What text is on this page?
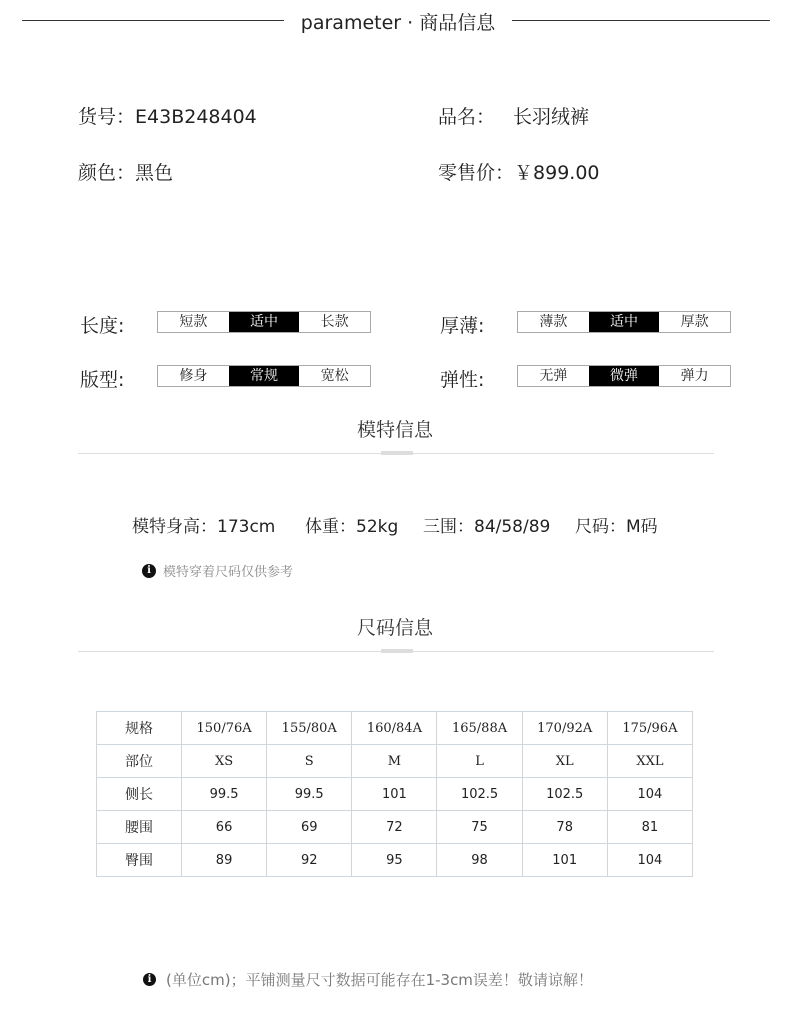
parameter · 商品信息
货号：E43B248404	品名： 长羽绒裤
颜色：黑色	零售价：￥899.00
长度:	短款	适中	长款	厚薄:	薄款	适中	厚款
版型:	修身	常规	宽松	弹性:	无弹	微弹	弹力
模特信息
模特身高：173cm 体重：52kg 三围：84/58/89 尺码：M码
i 模特穿着尺码仅供参考
尺码信息
规格	150/76A	155/80A	160/84A	165/88A	170/92A	175/96A
部位	XS	S	M	L	XL	XXL
侧长	99.5	99.5	101	102.5	102.5	104
腰围	66	69	72	75	78	81
臀围	89	92	95	98	101	104
i (单位cm)；平铺测量尺寸数据可能存在1-3cm误差！敬请谅解！
